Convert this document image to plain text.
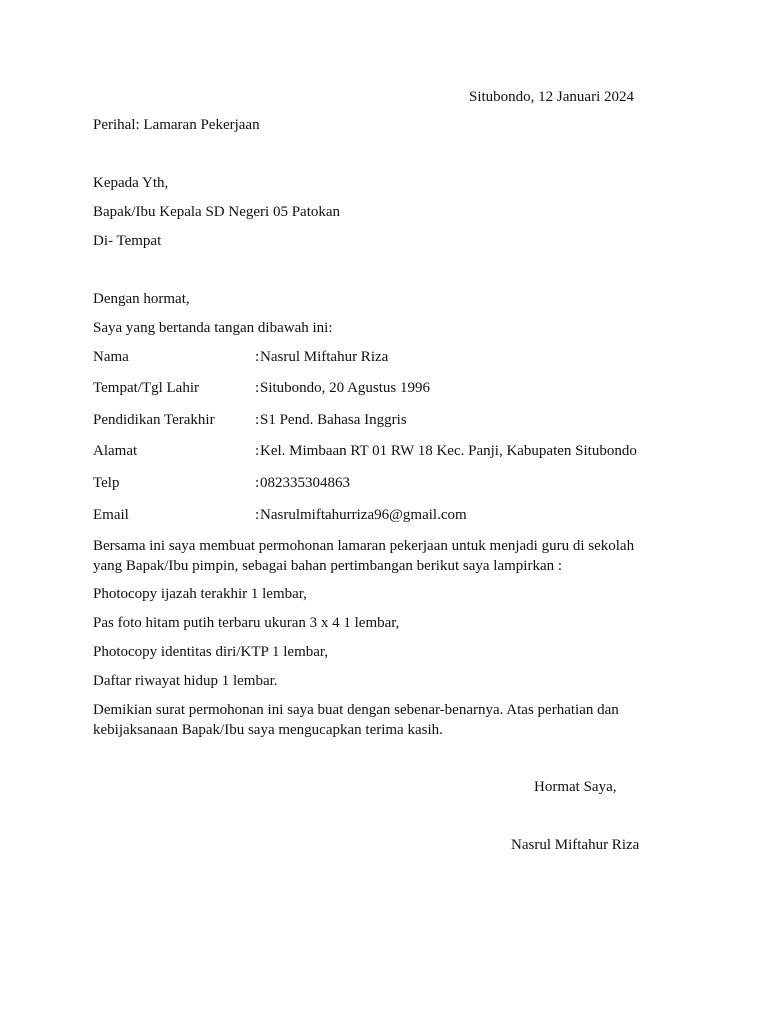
Situbondo, 12 Januari 2024
Perihal: Lamaran Pekerjaan
Kepada Yth,
Bapak/Ibu Kepala SD Negeri 05 Patokan
Di- Tempat
Dengan hormat,
Saya yang bertanda tangan dibawah ini:
Nama	: Nasrul Miftahur Riza
Tempat/Tgl Lahir	: Situbondo, 20 Agustus 1996
Pendidikan Terakhir	: S1 Pend. Bahasa Inggris
Alamat	: Kel. Mimbaan RT 01 RW 18 Kec. Panji, Kabupaten Situbondo
Telp	: 082335304863
Email	: Nasrulmiftahurriza96@gmail.com
Bersama ini saya membuat permohonan lamaran pekerjaan untuk menjadi guru di sekolah yang Bapak/Ibu pimpin, sebagai bahan pertimbangan berikut saya lampirkan :
Photocopy ijazah terakhir 1 lembar,
Pas foto hitam putih terbaru ukuran 3 x 4 1 lembar,
Photocopy identitas diri/KTP 1 lembar,
Daftar riwayat hidup 1 lembar.
Demikian surat permohonan ini saya buat dengan sebenar-benarnya. Atas perhatian dan kebijaksanaan Bapak/Ibu saya mengucapkan terima kasih.
Hormat Saya,
Nasrul Miftahur Riza
